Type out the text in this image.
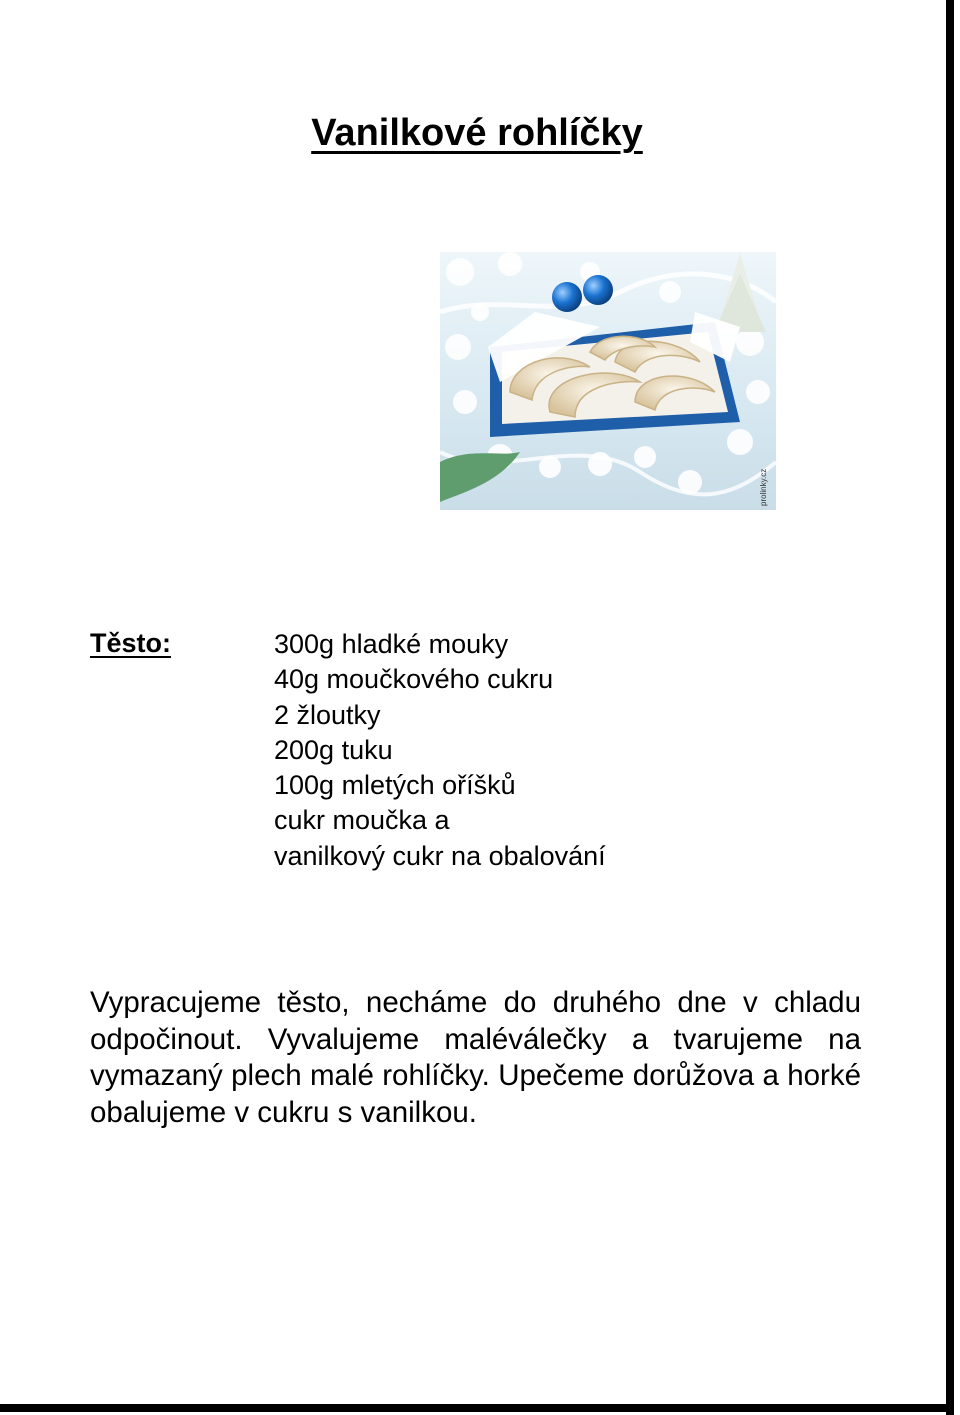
Vanilkové rohlíčky
prolinky.cz
Těsto:	300g hladké mouky
40g moučkového cukru
2 žloutky
200g tuku
100g mletých oříšků
cukr moučka a
vanilkový cukr na obalování

Vypracujeme těsto, necháme do druhého dne v chladu odpočinout. Vyvalujeme maléválečky a tvarujeme na vymazaný plech malé rohlíčky. Upečeme dorůžova a horké obalujeme v cukru s vanilkou.
